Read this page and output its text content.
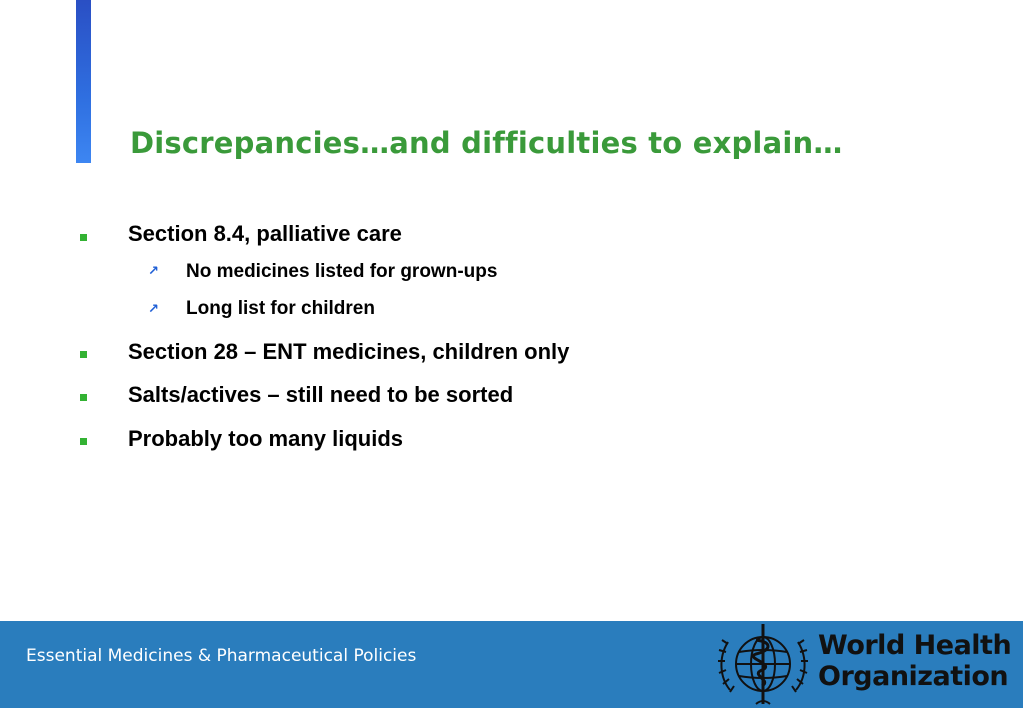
Discrepancies…and difficulties to explain…
Section 8.4, palliative care
↗ No medicines listed for grown-ups
↗ Long list for children
Section 28 – ENT medicines, children only
Salts/actives – still need to be sorted
Probably too many liquids
Essential Medicines & Pharmaceutical Policies	World Health
Organization
